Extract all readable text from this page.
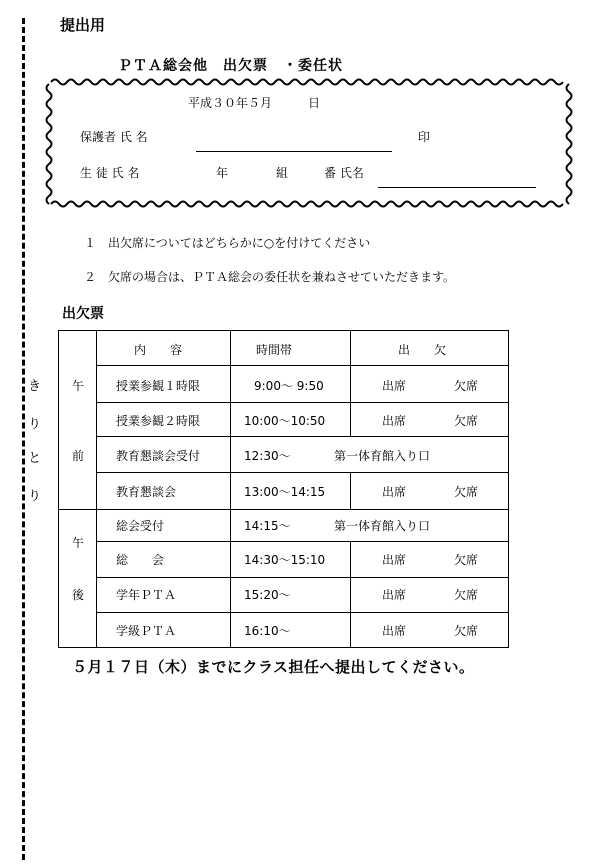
き
り
と
り
提出用
ＰＴＡ総会他　出欠票　・委任状
平成３０年５月　　　日
保護者 氏 名	印
生 徒 氏 名	年	組	番 氏名
１　出欠席についてはどちらかに○を付けてください
２　欠席の場合は、ＰＴＡ総会の委任状を兼ねさせていただきます。
出欠票
内　　容	時間帯	出　　欠
午
前
午
後
授業参観１時限	9:00～ 9:50	出席	欠席
授業参観２時限	10:00～10:50	出席	欠席
教育懇談会受付	12:30～	第一体育館入り口
教育懇談会	13:00～14:15	出席	欠席
総会受付	14:15～	第一体育館入り口
総　　会	14:30～15:10	出席	欠席
学年ＰＴＡ	15:20～	出席	欠席
学級ＰＴＡ	16:10～	出席	欠席
５月１７日（木）までにクラス担任へ提出してください。
